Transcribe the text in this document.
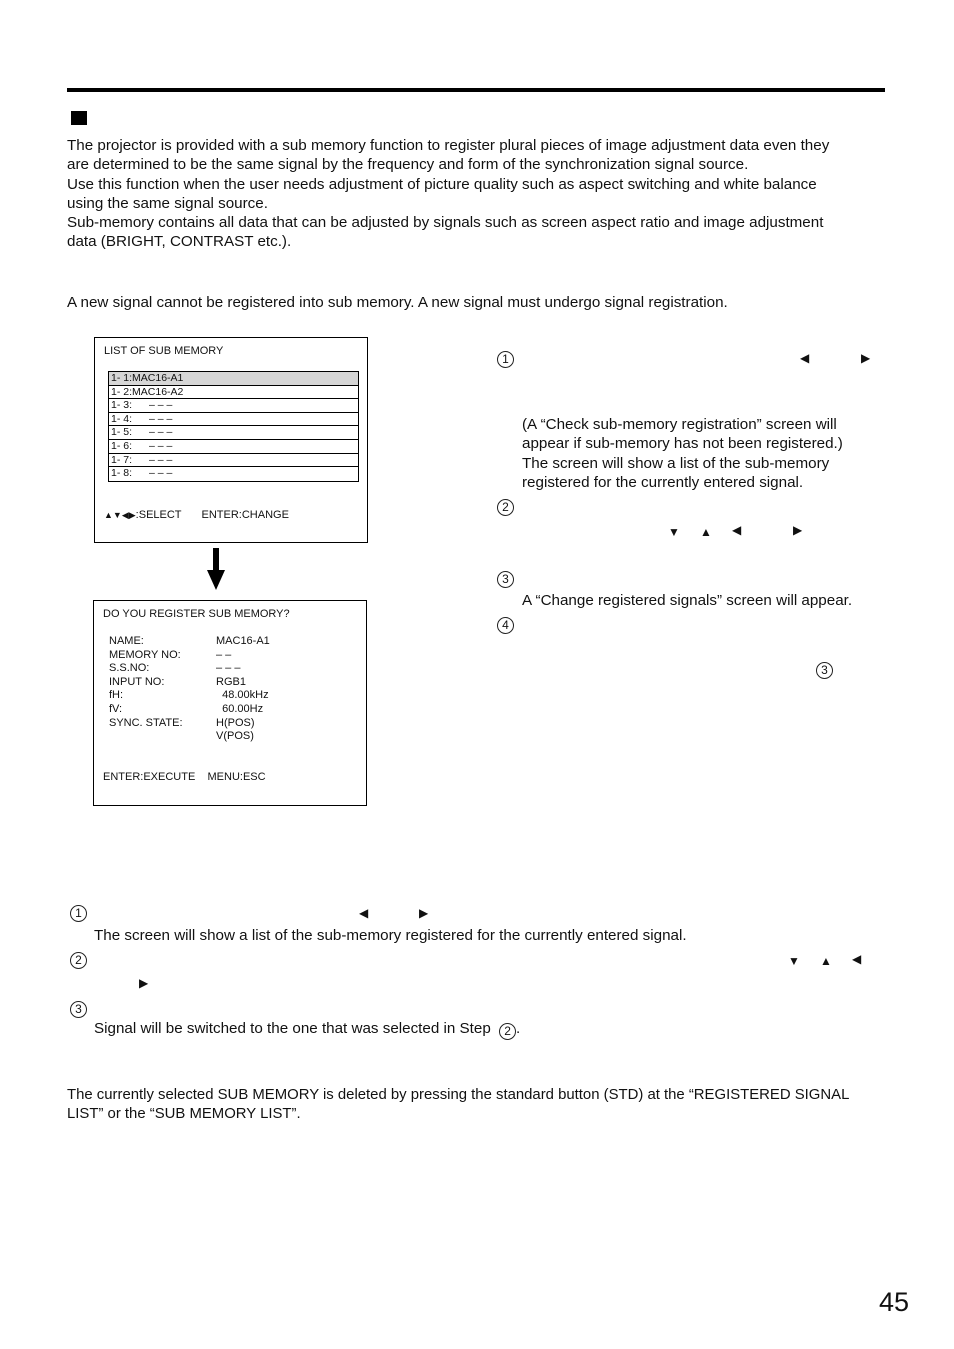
The projector is provided with a sub memory function to register plural pieces of image adjustment data even they
are determined to be the same signal by the frequency and form of the synchronization signal source.
Use this function when the user needs adjustment of picture quality such as aspect switching and white balance
using the same signal source.
Sub-memory contains all data that can be adjusted by signals such as screen aspect ratio and image adjustment
data (BRIGHT, CONTRAST etc.).
A new signal cannot be registered into sub memory. A new signal must undergo signal registration.
LIST OF SUB MEMORY
1- 1:MAC16-A1
1- 2:MAC16-A2
1- 3: – – –
1- 4: – – –
1- 5: – – –
1- 6: – – –
1- 7: – – –
1- 8: – – –
▲▼◀▶:SELECT ENTER:CHANGE
DO YOU REGISTER SUB MEMORY?
NAME:	MAC16-A1
MEMORY NO:	– –
S.S.NO:	– – –
INPUT NO:	RGB1
fH:	48.00kHz
fV:	60.00Hz
SYNC. STATE:	H(POS)
V(POS)
ENTER:EXECUTE    MENU:ESC
1	◀	▶
(A “Check sub-memory registration” screen will
appear if sub-memory has not been registered.)
The screen will show a list of the sub-memory
registered for the currently entered signal.
2
▼ ▲ ◀	▶
3
A “Change registered signals” screen will appear.
4
3
1	◀	▶
The screen will show a list of the sub-memory registered for the currently entered signal.
2	▼ ▲ ◀
▶
3
Signal will be switched to the one that was selected in Step 2 .
The currently selected SUB MEMORY is deleted by pressing the standard button (STD) at the “REGISTERED SIGNAL
LIST” or the “SUB MEMORY LIST”.
45
